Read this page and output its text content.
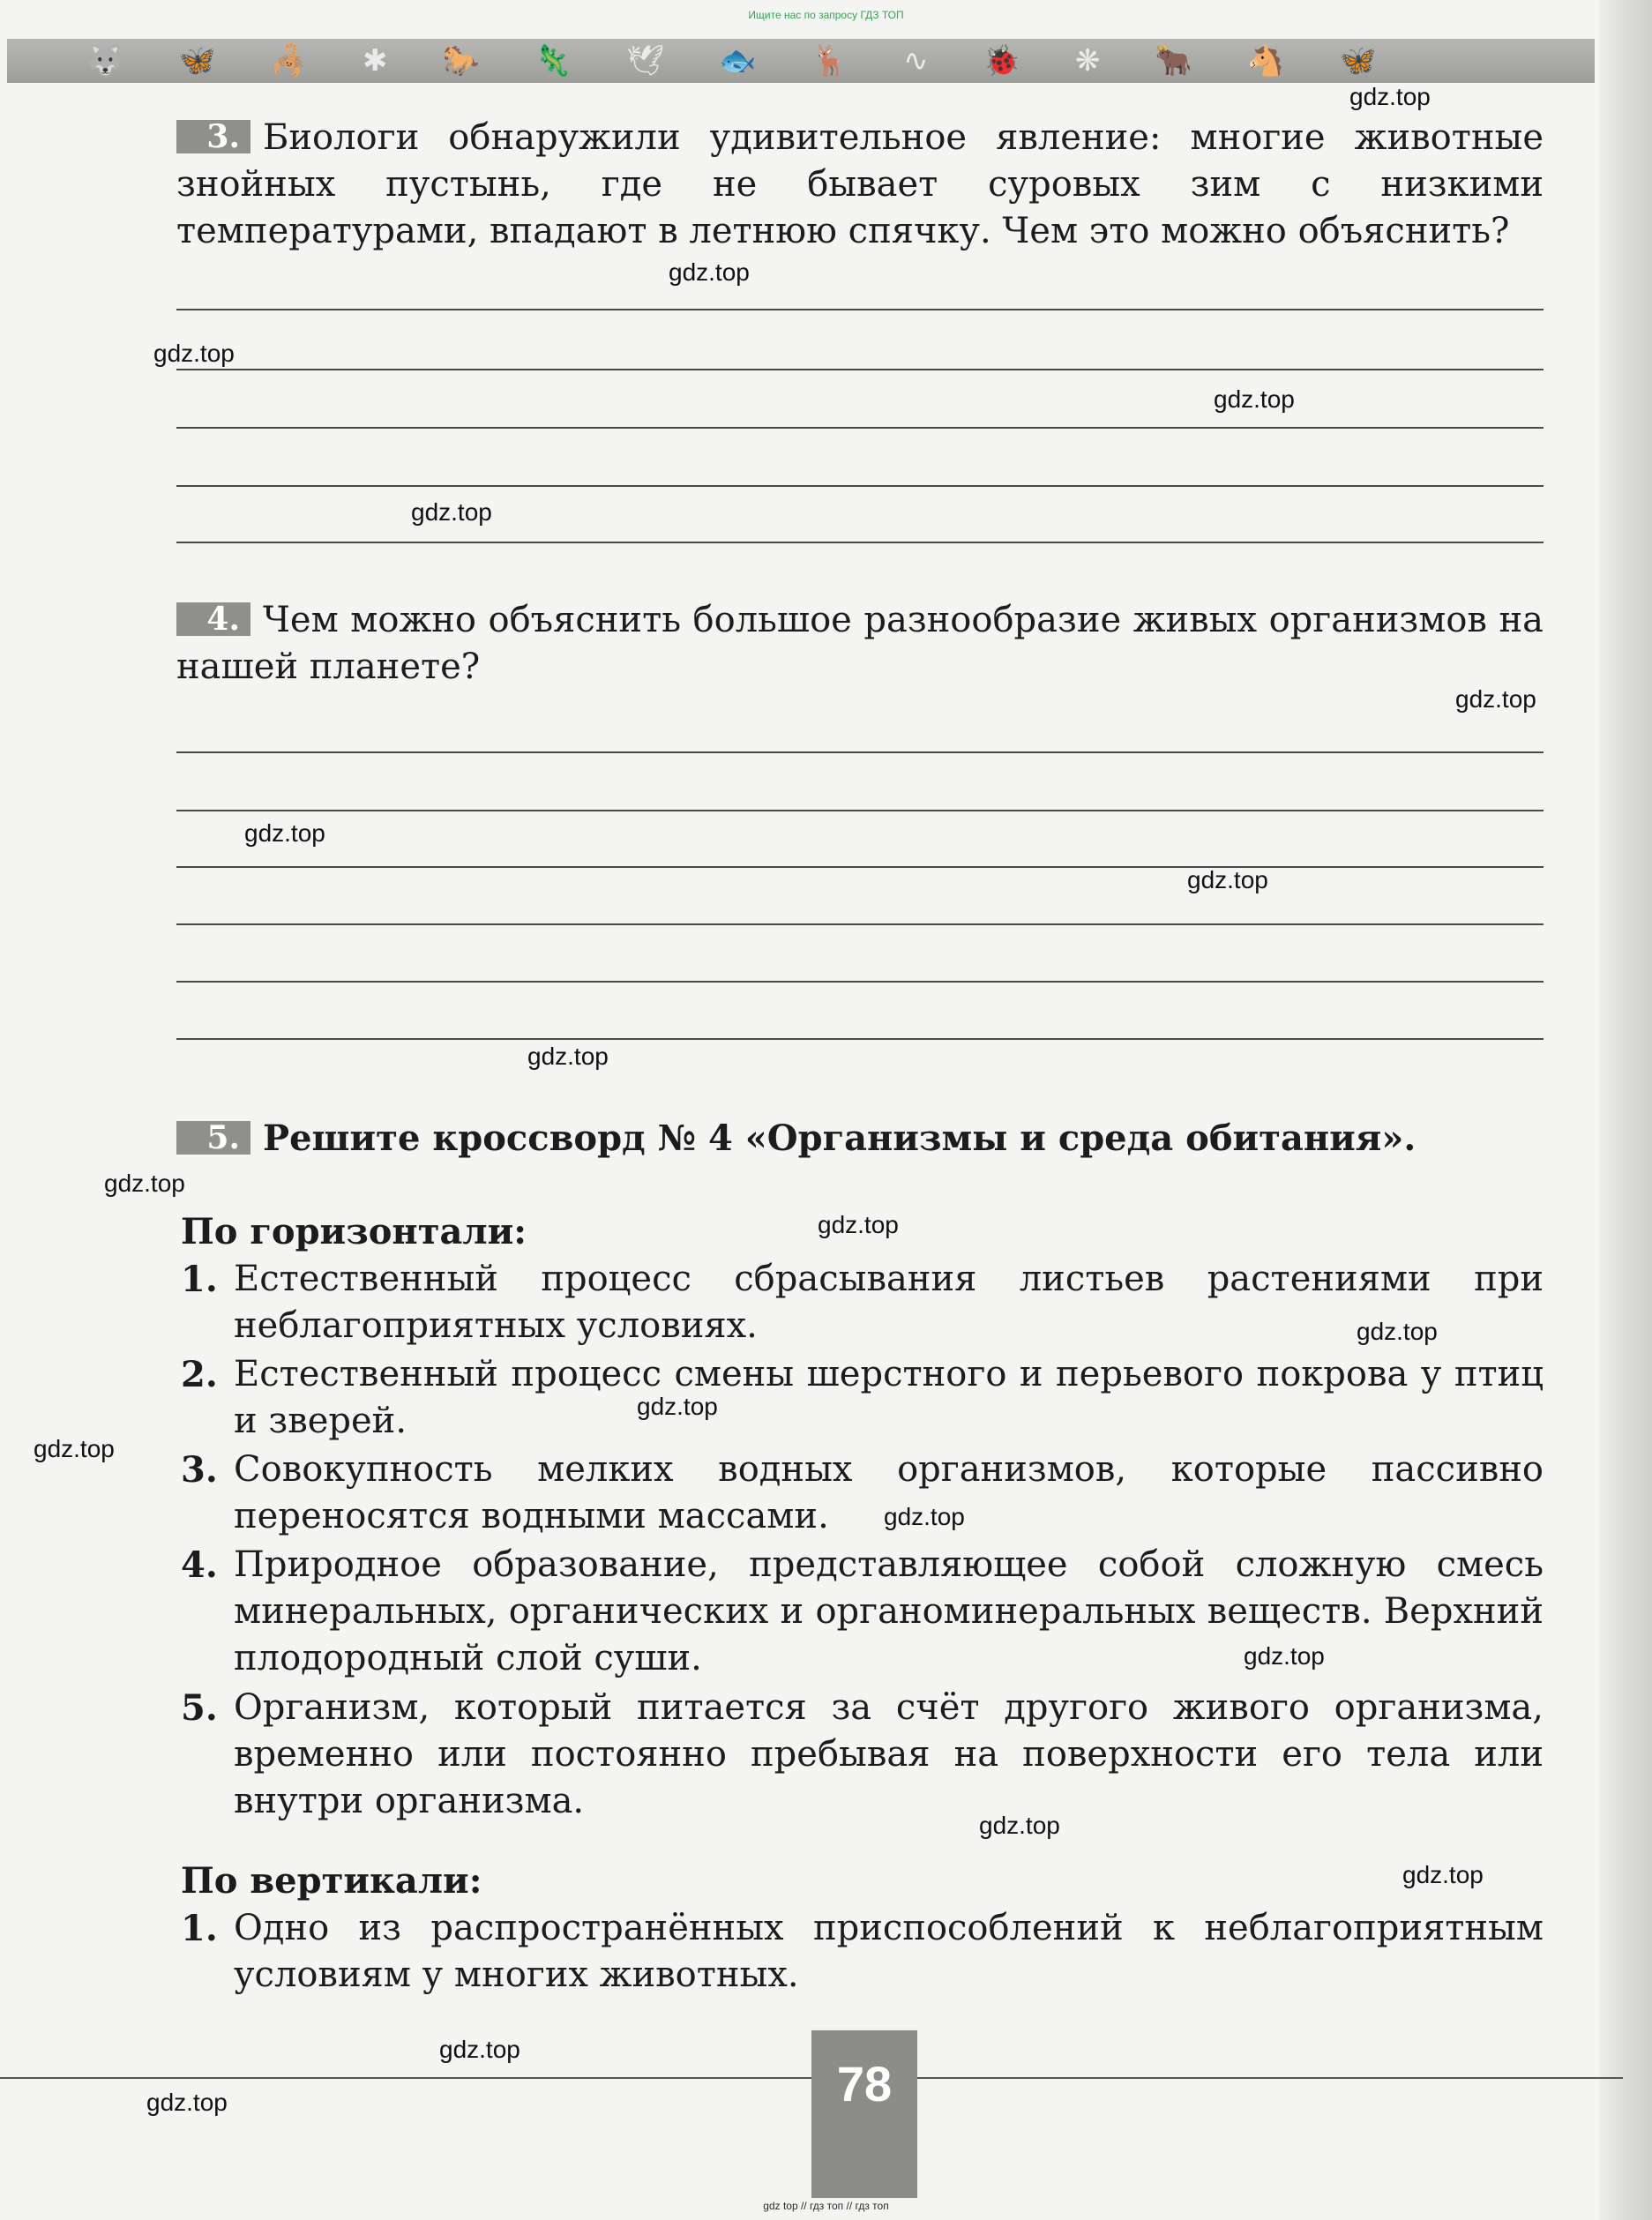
Ищите нас по запросу ГДЗ ТОП
🐺 🦋 🦂 ✱ 🐎 🦎 🕊 🐟 🦌 ∿ 🐞 ❋ 🐂 🐴 🦋
3. Биологи обнаружили удивительное явление: многие животные знойных пустынь, где не бывает суровых зим с низкими температурами, впадают в летнюю спячку. Чем это можно объяснить?
4. Чем можно объяснить большое разнообразие живых организмов на нашей планете?
5. Решите кроссворд № 4 «Организмы и среда обитания».
По горизонтали:
1. Естественный процесс сбрасывания листьев растениями при неблагоприятных условиях.
2. Естественный процесс смены шерстного и перьевого покрова у птиц и зверей.
3. Совокупность мелких водных организмов, которые пассивно переносятся водными массами.
4. Природное образование, представляющее собой сложную смесь минеральных, органических и органоминеральных веществ. Верхний плодородный слой суши.
5. Организм, который питается за счёт другого живого организма, временно или постоянно пребывая на поверхности его тела или внутри организма.
По вертикали:
1. Одно из распространённых приспособлений к неблагоприятным условиям у многих животных.
gdz.top
gdz.top
gdz.top
gdz.top
gdz.top
gdz.top
gdz.top
gdz.top
gdz.top
gdz.top
gdz.top
gdz.top
gdz.top
gdz.top
gdz.top
gdz.top
gdz.top
gdz.top
gdz.top
gdz.top	78
gdz top // гдз топ // гдз топ
